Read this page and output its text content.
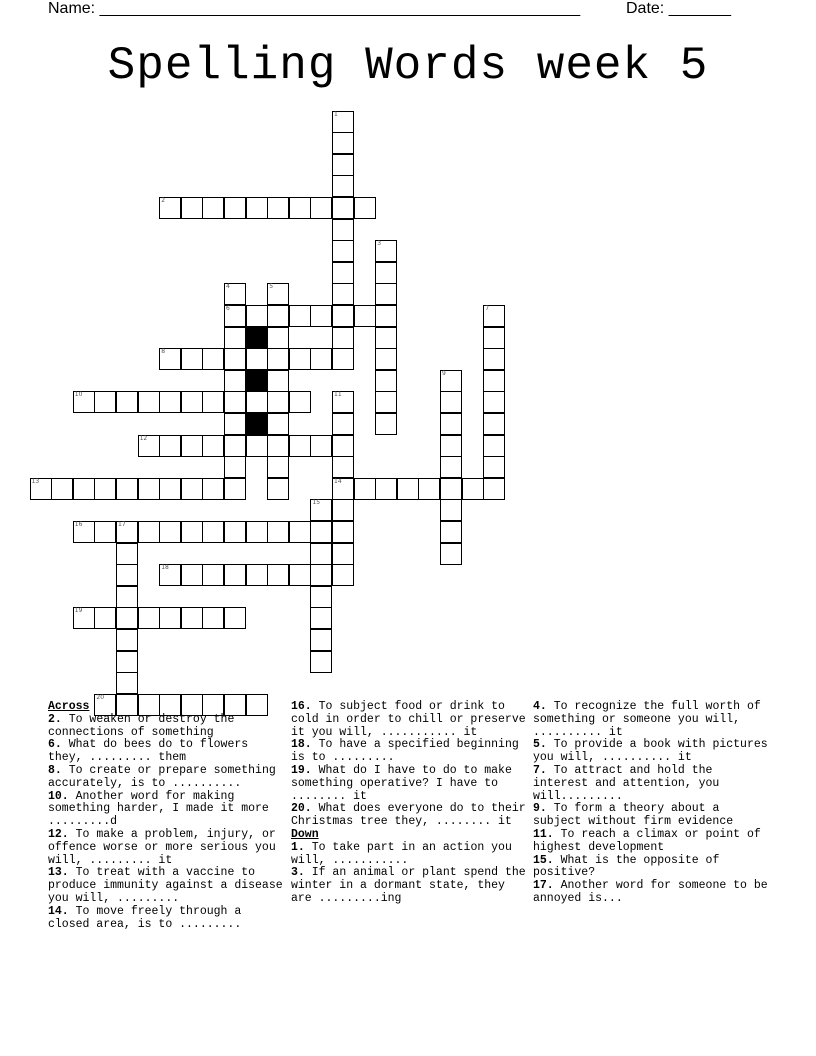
Name: ______________________________________________________	Date: _______
Spelling Words week 5
1
2
3
4
6
5
7
8
9
10	11
14
12
13
15
16	17
18
19
20
Across
2. To weaken or destroy the connections of something
6. What do bees do to flowers they, ......... them
8. To create or prepare something accurately, is to ..........
10. Another word for making something harder, I made it more .........d
12. To make a problem, injury, or offence worse or more serious you will, ......... it
13. To treat with a vaccine to produce immunity against a disease you will, .........
14. To move freely through a closed area, is to .........
16. To subject food or drink to cold in order to chill or preserve it you will, ........... it
18. To have a specified beginning is to .........
19. What do I have to do to make something operative? I have to ........ it
20. What does everyone do to their Christmas tree they, ........ it
Down
1. To take part in an action you will, ...........
3. If an animal or plant spend the winter in a dormant state, they are .........ing
4. To recognize the full worth of something or someone you will, .......... it
5. To provide a book with pictures you will, .......... it
7. To attract and hold the interest and attention, you will.........
9. To form a theory about a subject without firm evidence
11. To reach a climax or point of highest development
15. What is the opposite of positive?
17. Another word for someone to be annoyed is...
